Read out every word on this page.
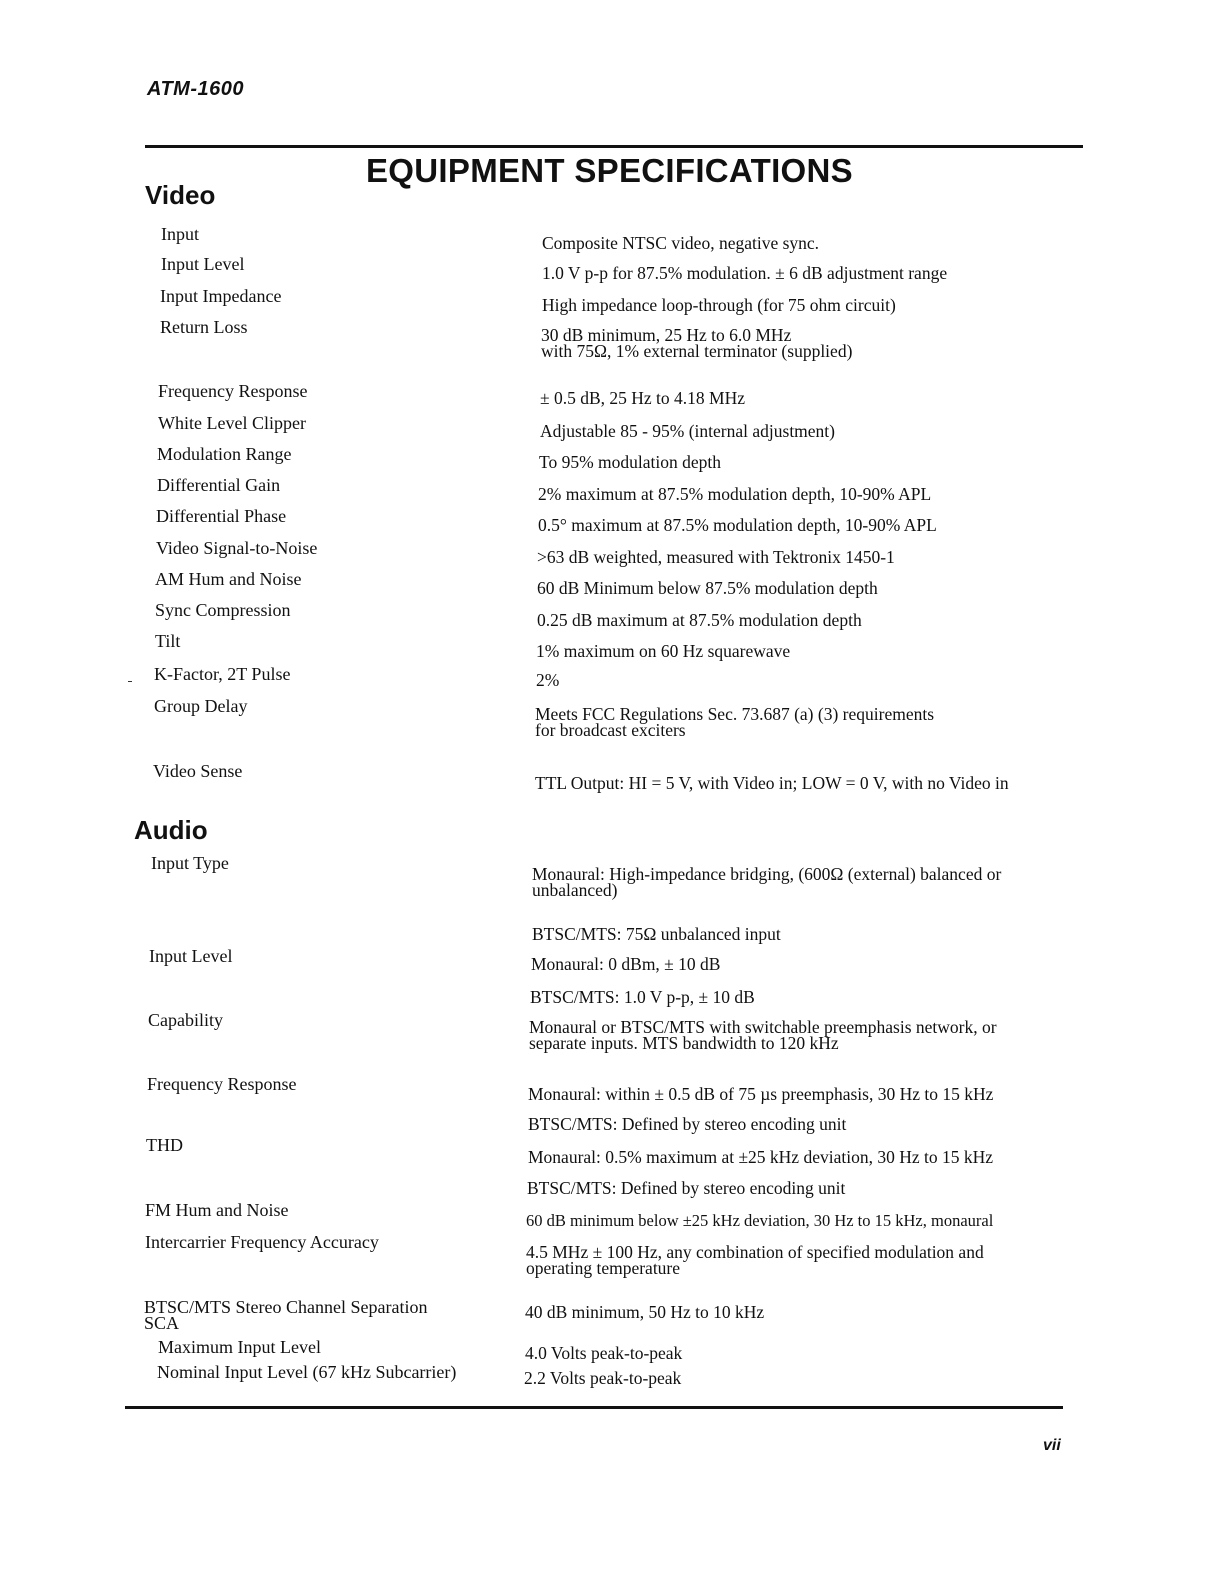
ATM-1600
EQUIPMENT SPECIFICATIONS
Video
Input
Input Level
Input Impedance
Return Loss
Frequency Response
White Level Clipper
Modulation Range
Differential Gain
Differential Phase
Video Signal-to-Noise
AM Hum and Noise
Sync Compression
Tilt
K-Factor, 2T Pulse
Group Delay
Video Sense
Composite NTSC video, negative sync.
1.0 V p-p for 87.5% modulation. ± 6 dB adjustment range
High impedance loop-through (for 75 ohm circuit)
30 dB minimum, 25 Hz to 6.0 MHz
with 75Ω, 1% external terminator (supplied)
± 0.5 dB, 25 Hz to 4.18 MHz
Adjustable 85 - 95% (internal adjustment)
To 95% modulation depth
2% maximum at 87.5% modulation depth, 10-90% APL
0.5° maximum at 87.5% modulation depth, 10-90% APL
>63 dB weighted, measured with Tektronix 1450-1
60 dB Minimum below 87.5% modulation depth
0.25 dB maximum at 87.5% modulation depth
1% maximum on 60 Hz squarewave
2%
Meets FCC Regulations Sec. 73.687 (a) (3) requirements
for broadcast exciters
TTL Output: HI = 5 V, with Video in; LOW = 0 V, with no Video in
Audio
Input Type
Input Level
Capability
Frequency Response
THD
FM Hum and Noise
Intercarrier Frequency Accuracy
BTSC/MTS Stereo Channel Separation
SCA
Maximum Input Level
Nominal Input Level (67 kHz Subcarrier)
Monaural: High-impedance bridging, (600Ω (external) balanced or
unbalanced)
BTSC/MTS: 75Ω unbalanced input
Monaural: 0 dBm, ± 10 dB
BTSC/MTS: 1.0 V p-p, ± 10 dB
Monaural or BTSC/MTS with switchable preemphasis network, or
separate inputs. MTS bandwidth to 120 kHz
Monaural: within ± 0.5 dB of 75 µs preemphasis, 30 Hz to 15 kHz
BTSC/MTS: Defined by stereo encoding unit
Monaural: 0.5% maximum at ±25 kHz deviation, 30 Hz to 15 kHz
BTSC/MTS: Defined by stereo encoding unit
60 dB minimum below ±25 kHz deviation, 30 Hz to 15 kHz, monaural
4.5 MHz ± 100 Hz, any combination of specified modulation and
operating temperature
40 dB minimum, 50 Hz to 10 kHz
4.0 Volts peak-to-peak
2.2 Volts peak-to-peak
vii
